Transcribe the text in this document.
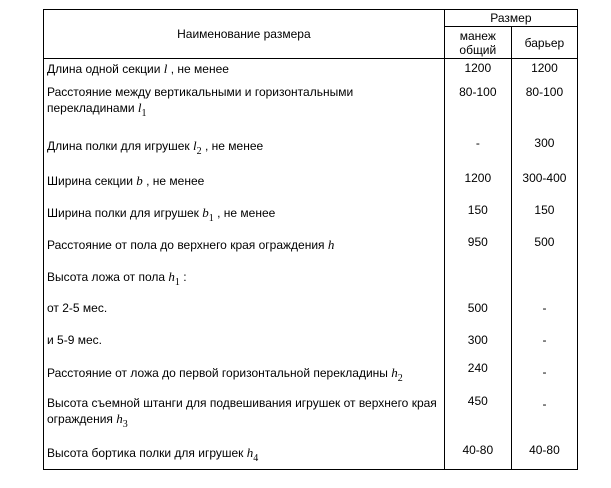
Наименование размера	Размер	
	манеж общий	барьер
Длина одной секции l , не менее	1200	1200
Расстояние между вертикальными и горизонтальными перекладинами $l_1$	80-100	80-100
Длина полки для игрушек $l_2$ , не менее	-	300
Ширина секции b , не менее	1200	300-400
Ширина полки для игрушек $b_1$ , не менее	150	150
Расстояние от пола до верхнего края ограждения h	950	500
Высота ложа от пола $h_1$ :		
от 2-5 мес.	500	-
и 5-9 мес.	300	-
Расстояние от ложа до первой горизонтальной перекладины $h_2$	240	-
Высота съемной штанги для подвешивания игрушек от верхнего края ограждения $h_3$	450	-
Высота бортика полки для игрушек $h_4$	40-80	40-80
